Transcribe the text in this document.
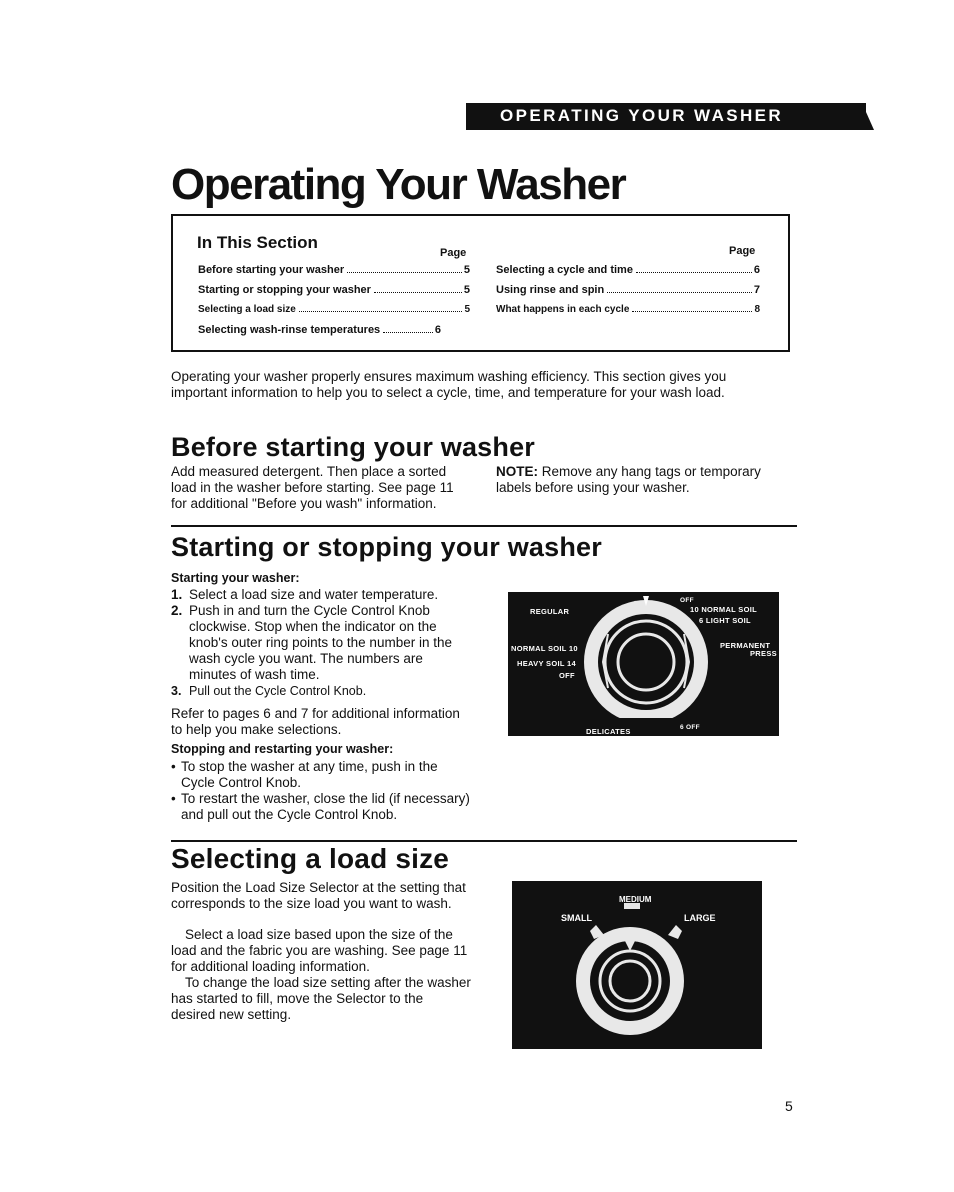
OPERATING YOUR WASHER
Operating Your Washer
In This Section
Page	Page
Before starting your washer	5
Starting or stopping your washer	5
Selecting a load size	5
Selecting wash-rinse temperatures	6
Selecting a cycle and time	6
Using rinse and spin	7
What happens in each cycle	8
Operating your washer properly ensures maximum washing efficiency. This section gives you important information to help you to select a cycle, time, and temperature for your wash load.
Before starting your washer
Add measured detergent. Then place a sorted load in the washer before starting. See page 11 for additional "Before you wash" information.
NOTE: Remove any hang tags or temporary labels before using your washer.
Starting or stopping your washer
Starting your washer:
1. Select a load size and water temperature.
2. Push in and turn the Cycle Control Knob clockwise. Stop when the indicator on the knob's outer ring points to the number in the wash cycle you want. The numbers are minutes of wash time.
3. Pull out the Cycle Control Knob.
Refer to pages 6 and 7 for additional information to help you make selections.
Stopping and restarting your washer:
• To stop the washer at any time, push in the Cycle Control Knob.
• To restart the washer, close the lid (if necessary) and pull out the Cycle Control Knob.
REGULAR
OFF
10 NORMAL SOIL
6 LIGHT SOIL
PERMANENT
PRESS
NORMAL SOIL 10
HEAVY SOIL 14
OFF
DELICATES	6 OFF
Selecting a load size
Position the Load Size Selector at the setting that corresponds to the size load you want to wash.
Select a load size based upon the size of the load and the fabric you are washing. See page 11 for additional loading information.
To change the load size setting after the washer has started to fill, move the Selector to the desired new setting.
MEDIUM
SMALL	LARGE
5
